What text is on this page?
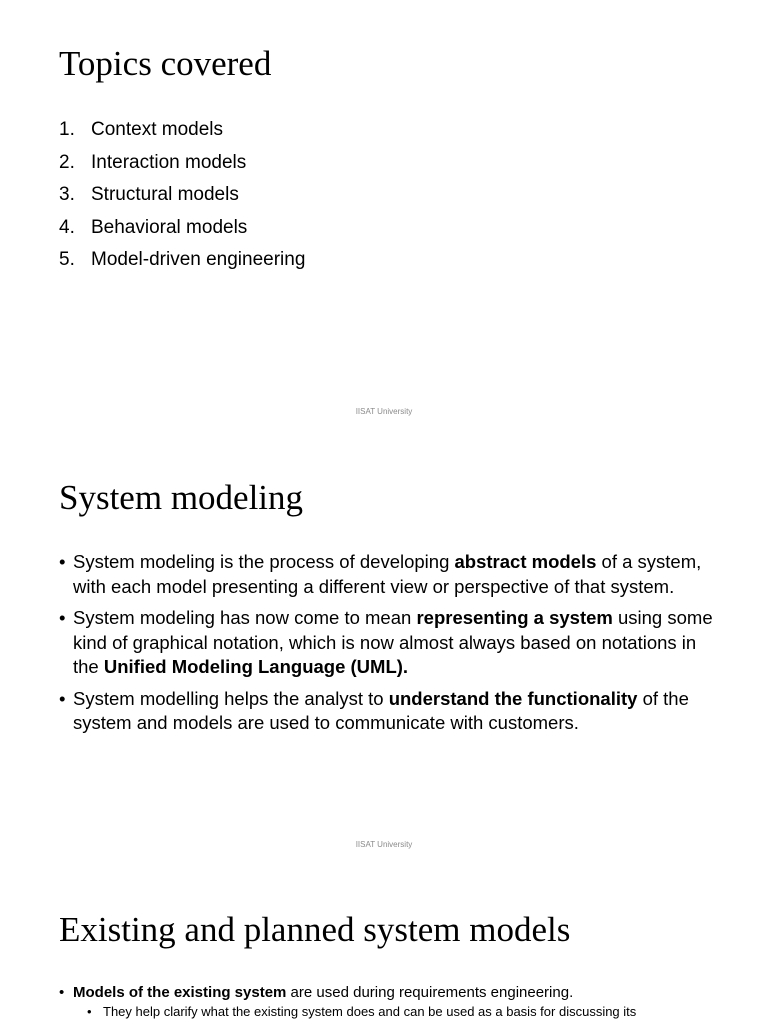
Topics covered
1. Context models
2. Interaction models
3. Structural models
4. Behavioral models
5. Model-driven engineering
IISAT University
System modeling
• System modeling is the process of developing abstract models of a system, with each model presenting a different view or perspective of that system.
• System modeling has now come to mean representing a system using some kind of graphical notation, which is now almost always based on notations in the Unified Modeling Language (UML).
• System modelling helps the analyst to understand the functionality of the system and models are used to communicate with customers.
IISAT University
Existing and planned system models
• Models of the existing system are used during requirements engineering.
• They help clarify what the existing system does and can be used as a basis for discussing its
